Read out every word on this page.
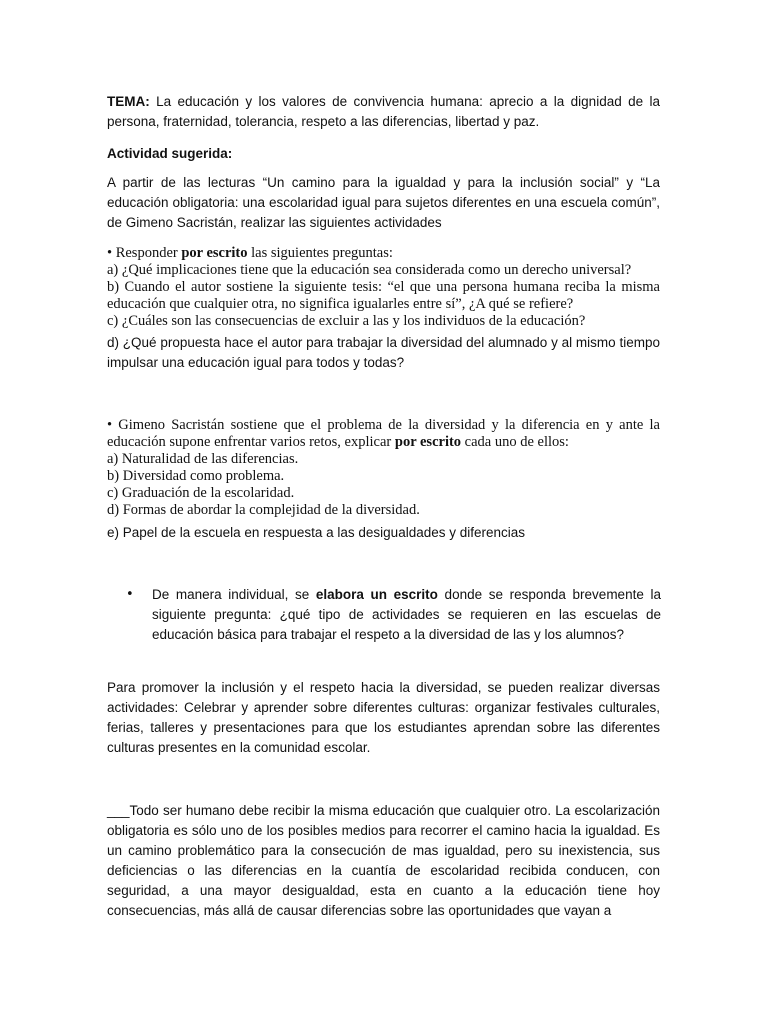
TEMA: La educación y los valores de convivencia humana: aprecio a la dignidad de la persona, fraternidad, tolerancia, respeto a las diferencias, libertad y paz.

Actividad sugerida:

A partir de las lecturas “Un camino para la igualdad y para la inclusión social” y “La educación obligatoria: una escolaridad igual para sujetos diferentes en una escuela común”, de Gimeno Sacristán, realizar las siguientes actividades

• Responder por escrito las siguientes preguntas:
a) ¿Qué implicaciones tiene que la educación sea considerada como un derecho universal?
b) Cuando el autor sostiene la siguiente tesis: “el que una persona humana reciba la misma
educación que cualquier otra, no significa igualarles entre sí”, ¿A qué se refiere?
c) ¿Cuáles son las consecuencias de excluir a las y los individuos de la educación?

d) ¿Qué propuesta hace el autor para trabajar la diversidad del alumnado y al mismo tiempo impulsar una educación igual para todos y todas?

• Gimeno Sacristán sostiene que el problema de la diversidad y la diferencia en y ante la
educación supone enfrentar varios retos, explicar por escrito cada uno de ellos:
a) Naturalidad de las diferencias.
b) Diversidad como problema.
c) Graduación de la escolaridad.
d) Formas de abordar la complejidad de la diversidad.

e) Papel de la escuela en respuesta a las desigualdades y diferencias

• De manera individual, se elabora un escrito donde se responda brevemente la siguiente pregunta: ¿qué tipo de actividades se requieren en las escuelas de educación básica para trabajar el respeto a la diversidad de las y los alumnos?

Para promover la inclusión y el respeto hacia la diversidad, se pueden realizar diversas actividades: Celebrar y aprender sobre diferentes culturas: organizar festivales culturales, ferias, talleres y presentaciones para que los estudiantes aprendan sobre las diferentes culturas presentes en la comunidad escolar.

___Todo ser humano debe recibir la misma educación que cualquier otro. La escolarización obligatoria es sólo uno de los posibles medios para recorrer el camino hacia la igualdad. Es un camino problemático para la consecución de mas igualdad, pero su inexistencia, sus deficiencias o las diferencias en la cuantía de escolaridad recibida conducen, con seguridad, a una mayor desigualdad, esta en cuanto a la educación tiene hoy consecuencias, más allá de causar diferencias sobre las oportunidades que vayan a
